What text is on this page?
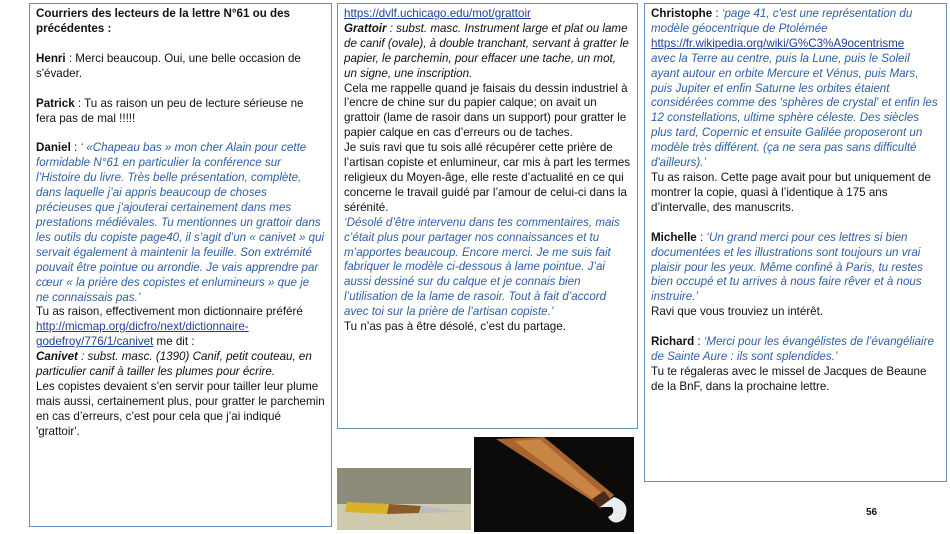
Courriers des lecteurs de la lettre N°61 ou des précédentes :

Henri : Merci beaucoup. Oui, une belle occasion de s'évader.

Patrick : Tu as raison un peu de lecture sérieuse ne fera pas de mal !!!!!

Daniel : ‘ «Chapeau bas » mon cher Alain pour cette formidable N°61 en particulier la conférence sur l’Histoire du livre. Très belle présentation, complète, dans laquelle j’ai appris beaucoup de choses précieuses que j’ajouterai certainement dans mes prestations médiévales. Tu mentionnes un grattoir dans les outils du copiste page40, il s’agit d’un « canivet » qui servait également à maintenir la feuille. Son extrémité pouvait être pointue ou arrondie. Je vais apprendre par cœur « la prière des copistes et enlumineurs » que je ne connaissais pas.’

Tu as raison, effectivement mon dictionnaire préféré http://micmap.org/dicfro/next/dictionnaire-godefroy/776/1/canivet me dit :

Canivet : subst. masc. (1390) Canif, petit couteau, en particulier canif à tailler les plumes pour écrire.

Les copistes devaient s’en servir pour tailler leur plume mais aussi, certainement plus, pour gratter le parchemin en cas d’erreurs, c’est pour cela que j’ai indiqué 'grattoir'.

https://dvlf.uchicago.edu/mot/grattoir

Grattoir : subst. masc. Instrument large et plat ou lame de canif (ovale), à double tranchant, servant à gratter le papier, le parchemin, pour effacer une tache, un mot, un signe, une inscription.

Cela me rappelle quand je faisais du dessin industriel à l’encre de chine sur du papier calque; on avait un grattoir (lame de rasoir dans un support) pour gratter le papier calque en cas d’erreurs ou de taches.

Je suis ravi que tu sois allé récupérer cette prière de l’artisan copiste et enlumineur, car mis à part les termes religieux du Moyen-âge, elle reste d’actualité en ce qui concerne le travail guidé par l’amour de celui-ci dans la sérénité.

‘Désolé d’être intervenu dans tes commentaires, mais c’était plus pour partager nos connaissances et tu m’apportes beaucoup. Encore merci. Je me suis fait fabriquer le modèle ci-dessous à lame pointue. J’ai aussi dessiné sur du calque et je connais bien l’utilisation de la lame de rasoir. Tout à fait d’accord avec toi sur la prière de l’artisan copiste.’

Tu n’as pas à être désolé, c’est du partage.

Christophe : ‘page 41, c'est une représentation du modèle géocentrique de Ptolémée

https://fr.wikipedia.org/wiki/G%C3%A9ocentrisme

avec la Terre au centre, puis la Lune, puis le Soleil ayant autour en orbite Mercure et Vénus, puis Mars, puis Jupiter et enfin Saturne les orbites étaient considérées comme des 'sphères de crystal' et enfin les 12 constellations, ultime sphère céleste. Des siècles plus tard, Copernic et ensuite Galilée proposeront un modèle très différent. (ça ne sera pas sans difficulté d'ailleurs).’

Tu as raison. Cette page avait pour but uniquement de montrer la copie, quasi à l’identique à 175 ans d’intervalle, des manuscrits.

Michelle : ‘Un grand merci pour ces lettres si bien documentées et les illustrations sont toujours un vrai plaisir pour les yeux. Même confiné à Paris, tu restes bien occupé et tu arrives à nous faire rêver et à nous instruire.’

Ravi que vous trouviez un intérêt.

Richard : ‘Merci pour les évangélistes de l’évangéliaire de Sainte Aure : ils sont splendides.’

Tu te régaleras avec le missel de Jacques de Beaune de la BnF, dans la prochaine lettre.

56
